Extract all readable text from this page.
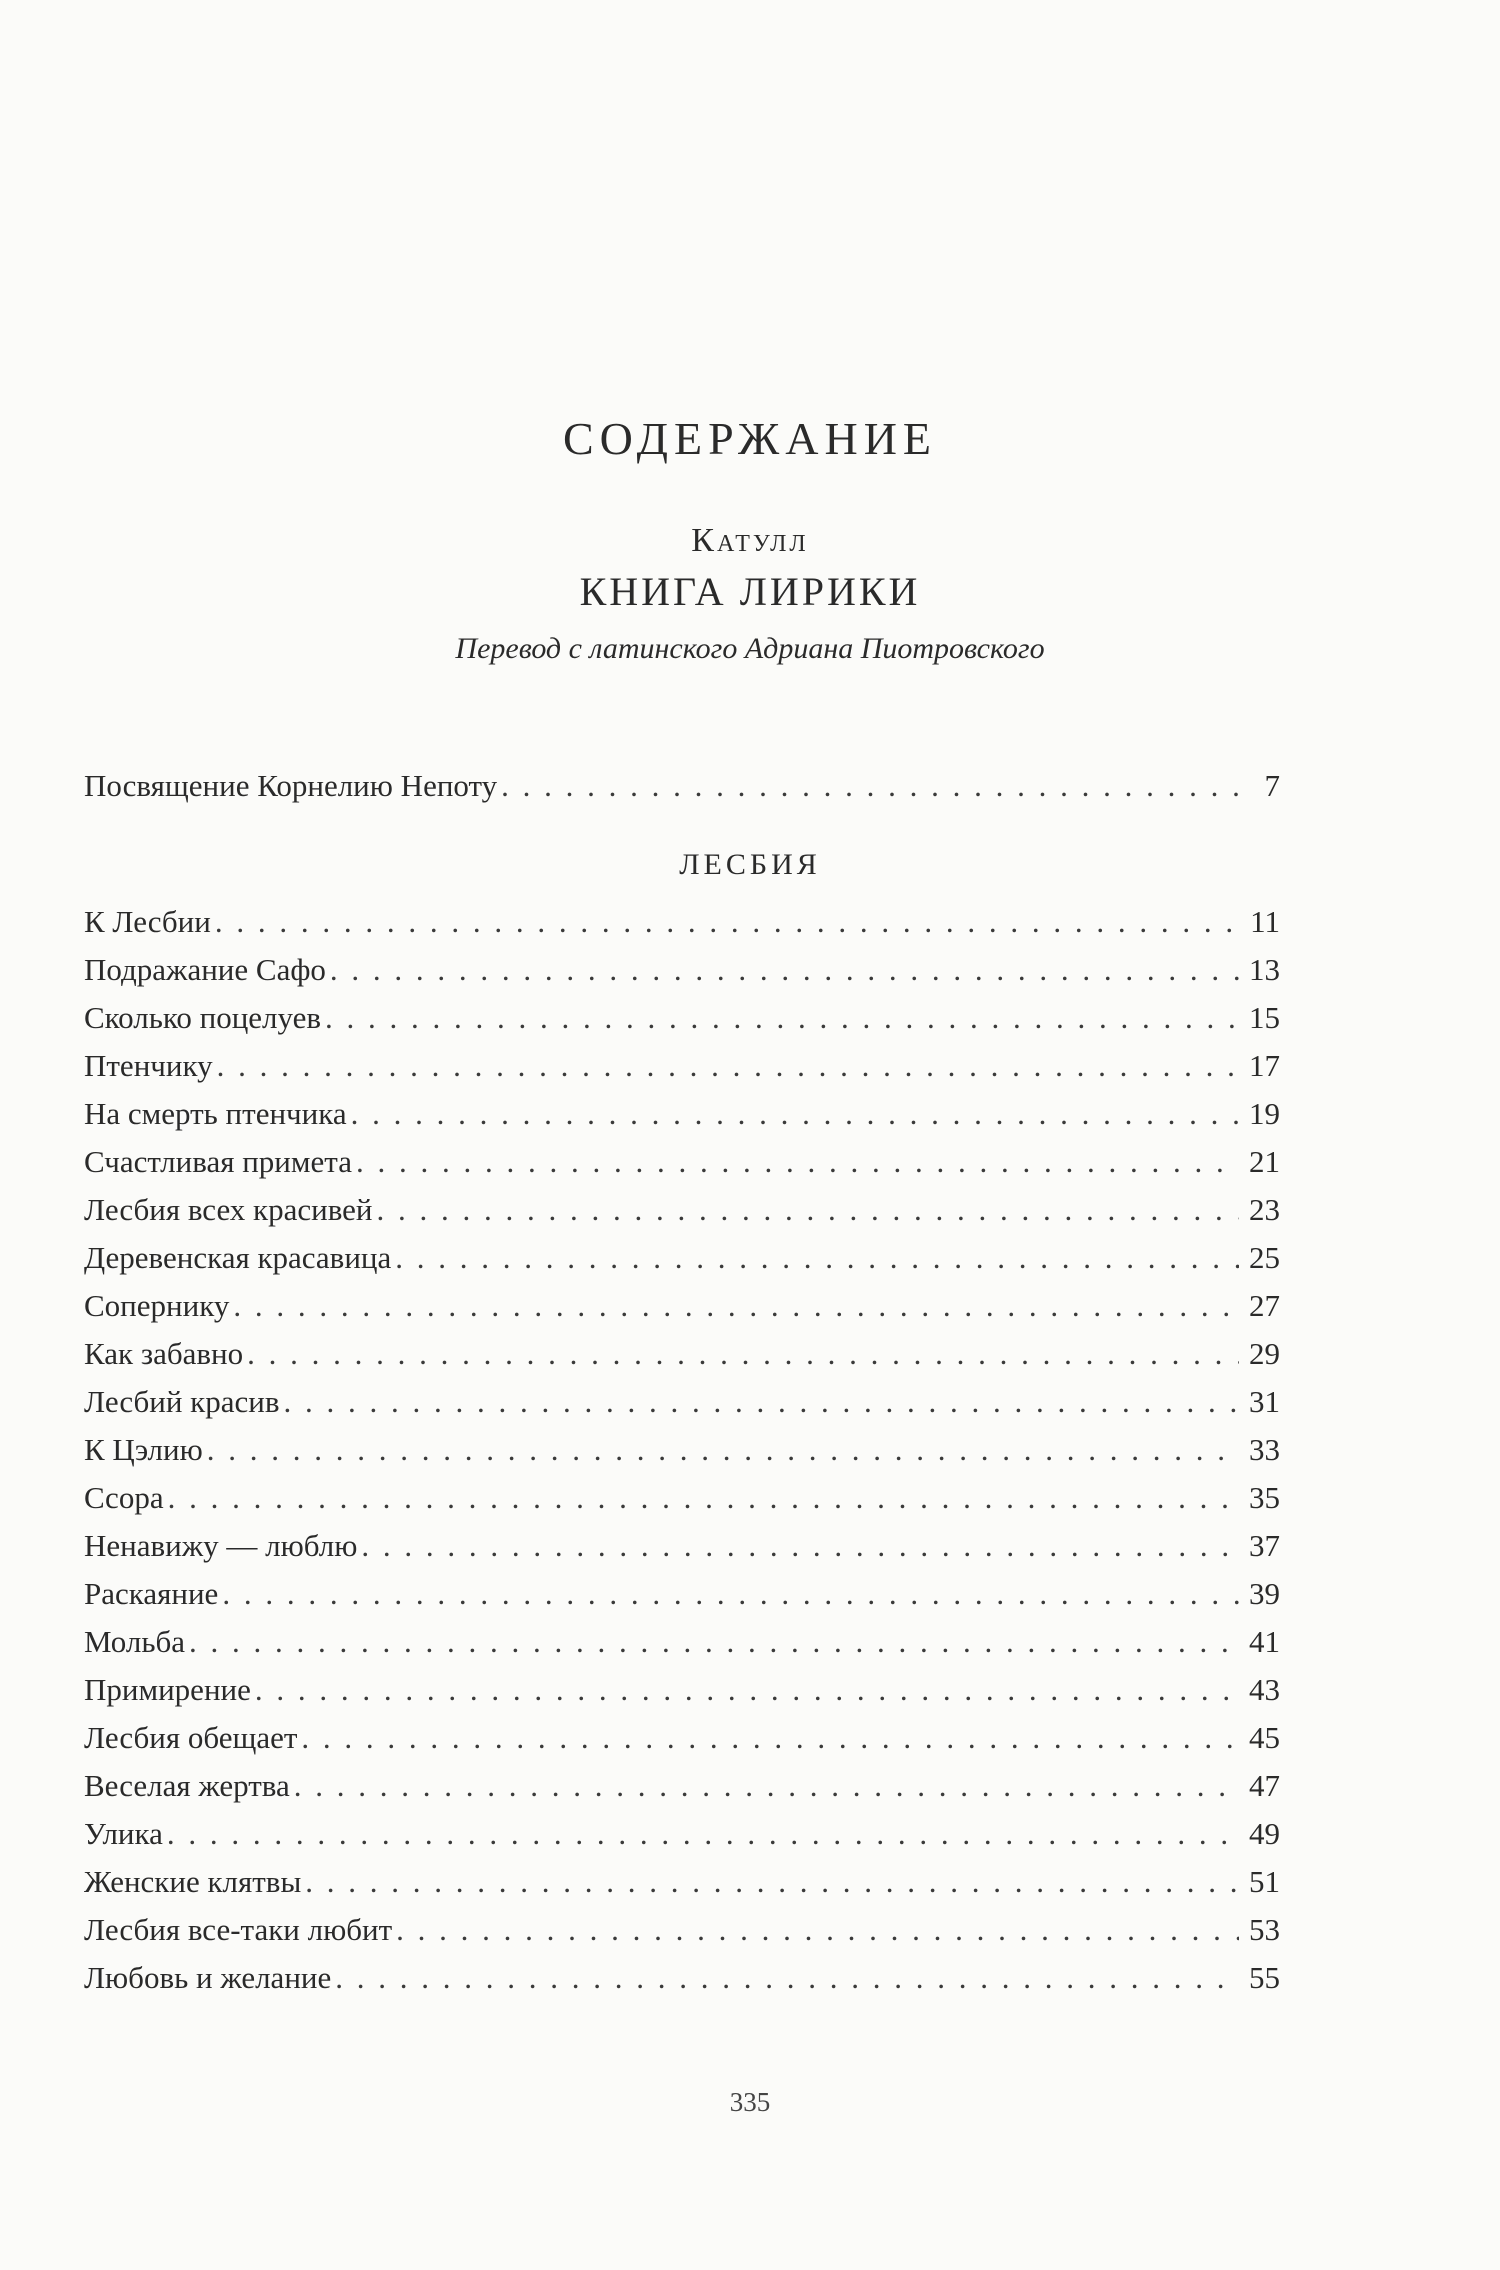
СОДЕРЖАНИЕ
Катулл
КНИГА ЛИРИКИ
Перевод с латинского Адриана Пиотровского
Посвящение Корнелию Непоту . . .	7
ЛЕСБИЯ
К Лесбии . . .	11
Подражание Сафо . . .	13
Сколько поцелуев . . .	15
Птенчику . . .	17
На смерть птенчика . . .	19
Счастливая примета . . .	21
Лесбия всех красивей . . .	23
Деревенская красавица . . .	25
Сопернику . . .	27
Как забавно . . .	29
Лесбий красив . . .	31
К Цэлию . . .	33
Ссора . . .	35
Ненавижу — люблю . . .	37
Раскаяние . . .	39
Мольба . . .	41
Примирение . . .	43
Лесбия обещает . . .	45
Веселая жертва . . .	47
Улика . . .	49
Женские клятвы . . .	51
Лесбия все-таки любит . . .	53
Любовь и желание . . .	55
335
